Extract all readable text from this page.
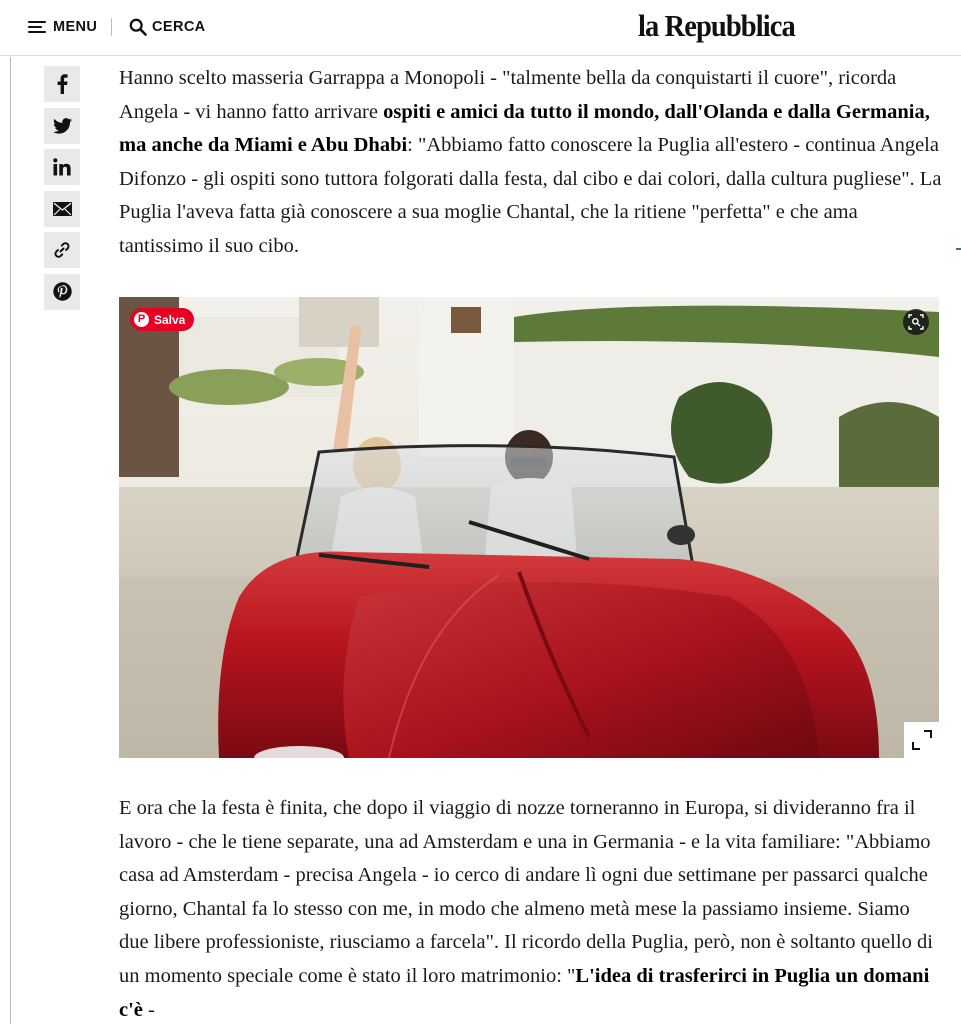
MENU	CERCA	la Repubblica

Hanno scelto masseria Garrappa a Monopoli - "talmente bella da conquistarti il cuore", ricorda Angela - vi hanno fatto arrivare ospiti e amici da tutto il mondo, dall'Olanda e dalla Germania, ma anche da Miami e Abu Dhabi: "Abbiamo fatto conoscere la Puglia all'estero - continua Angela Difonzo - gli ospiti sono tuttora folgorati dalla festa, dal cibo e dai colori, dalla cultura pugliese". La Puglia l'aveva fatta già conoscere a sua moglie Chantal, che la ritiene "perfetta" e che ama tantissimo il suo cibo.

P Salva

E ora che la festa è finita, che dopo il viaggio di nozze torneranno in Europa, si divideranno fra il lavoro - che le tiene separate, una ad Amsterdam e una in Germania - e la vita familiare: "Abbiamo casa ad Amsterdam - precisa Angela - io cerco di andare lì ogni due settimane per passarci qualche giorno, Chantal fa lo stesso con me, in modo che almeno metà mese la passiamo insieme. Siamo due libere professioniste, riusciamo a farcela". Il ricordo della Puglia, però, non è soltanto quello di un momento speciale come è stato il loro matrimonio: "L'idea di trasferirci in Puglia un domani c'è -
